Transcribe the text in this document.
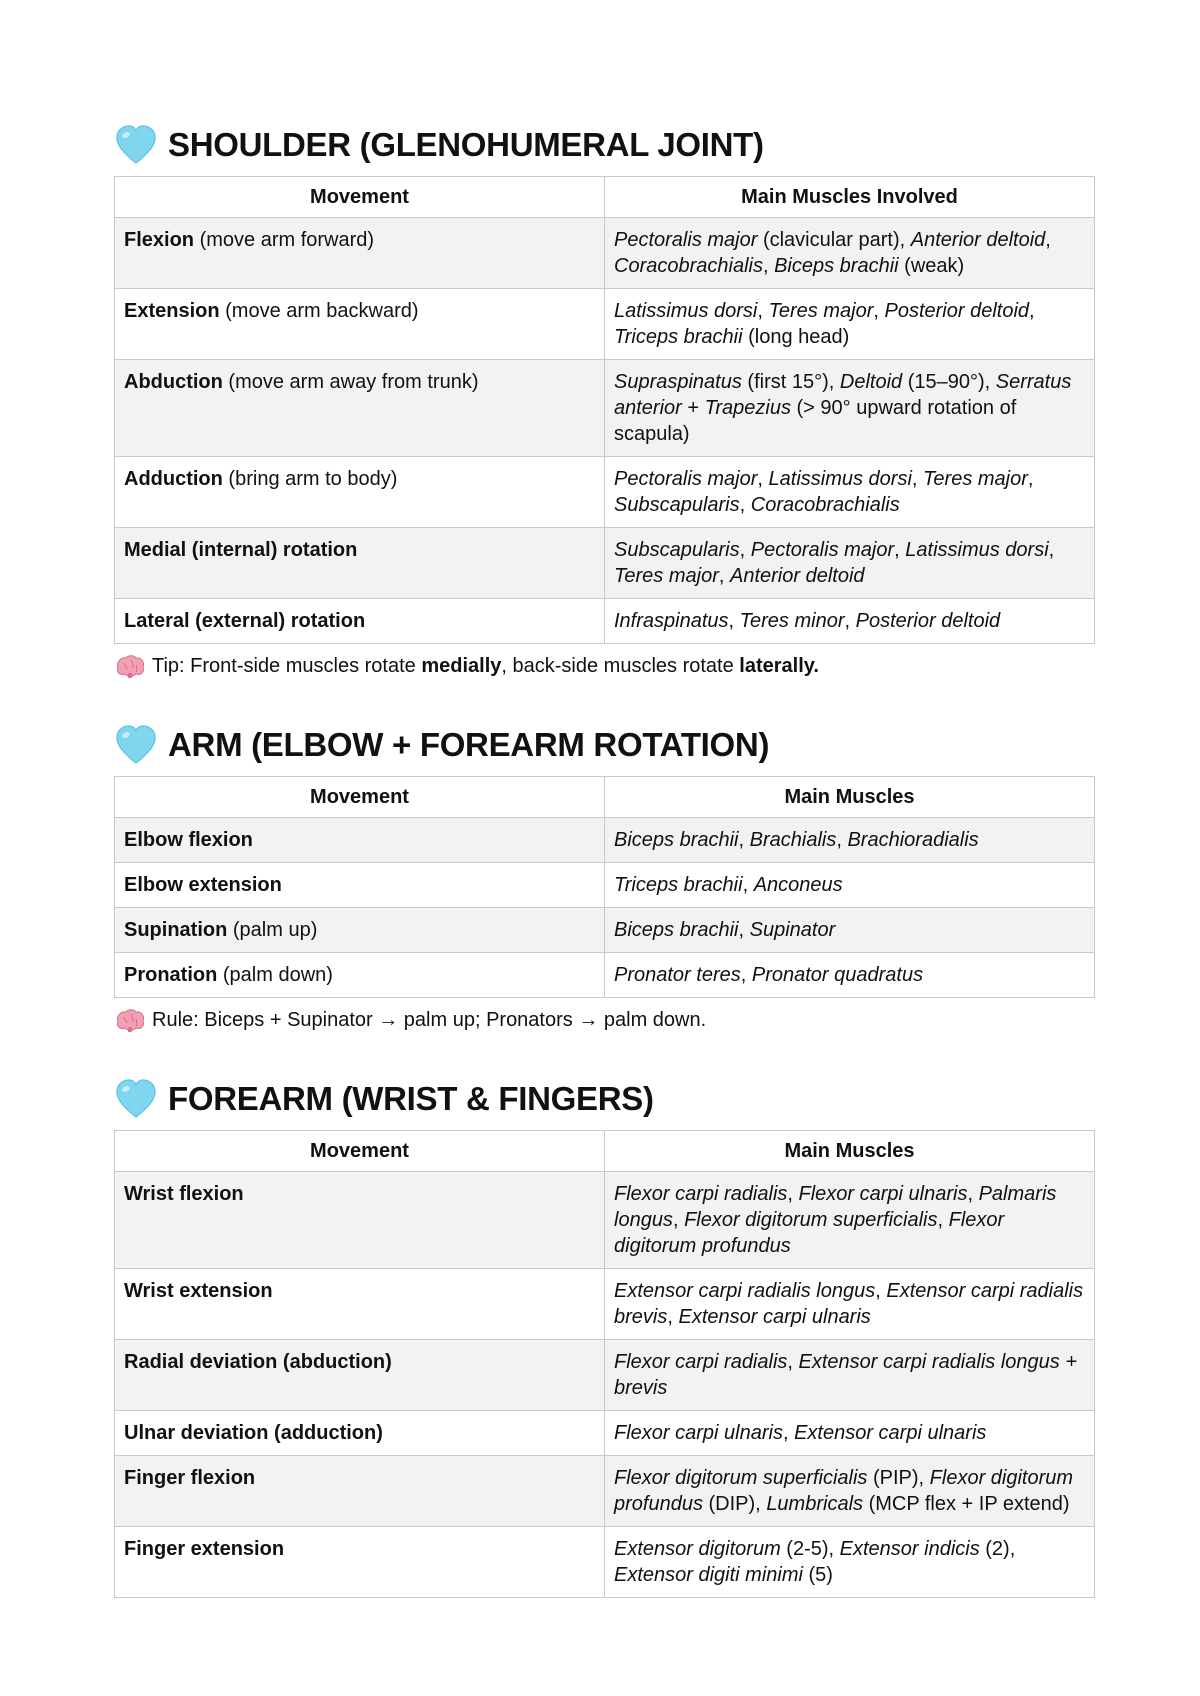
SHOULDER (GLENOHUMERAL JOINT)
Movement	Main Muscles Involved
Flexion (move arm forward)	Pectoralis major (clavicular part), Anterior deltoid, Coracobrachialis, Biceps brachii (weak)
Extension (move arm backward)	Latissimus dorsi, Teres major, Posterior deltoid, Triceps brachii (long head)
Abduction (move arm away from trunk)	Supraspinatus (first 15°), Deltoid (15–90°), Serratus anterior + Trapezius (> 90° upward rotation of scapula)
Adduction (bring arm to body)	Pectoralis major, Latissimus dorsi, Teres major, Subscapularis, Coracobrachialis
Medial (internal) rotation	Subscapularis, Pectoralis major, Latissimus dorsi, Teres major, Anterior deltoid
Lateral (external) rotation	Infraspinatus, Teres minor, Posterior deltoid
Tip: Front-side muscles rotate medially, back-side muscles rotate laterally.
ARM (ELBOW + FOREARM ROTATION)
Movement	Main Muscles
Elbow flexion	Biceps brachii, Brachialis, Brachioradialis
Elbow extension	Triceps brachii, Anconeus
Supination (palm up)	Biceps brachii, Supinator
Pronation (palm down)	Pronator teres, Pronator quadratus
Rule: Biceps + Supinator → palm up; Pronators → palm down.
FOREARM (WRIST & FINGERS)
Movement	Main Muscles
Wrist flexion	Flexor carpi radialis, Flexor carpi ulnaris, Palmaris longus, Flexor digitorum superficialis, Flexor digitorum profundus
Wrist extension	Extensor carpi radialis longus, Extensor carpi radialis brevis, Extensor carpi ulnaris
Radial deviation (abduction)	Flexor carpi radialis, Extensor carpi radialis longus + brevis
Ulnar deviation (adduction)	Flexor carpi ulnaris, Extensor carpi ulnaris
Finger flexion	Flexor digitorum superficialis (PIP), Flexor digitorum profundus (DIP), Lumbricals (MCP flex + IP extend)
Finger extension	Extensor digitorum (2-5), Extensor indicis (2), Extensor digiti minimi (5)
